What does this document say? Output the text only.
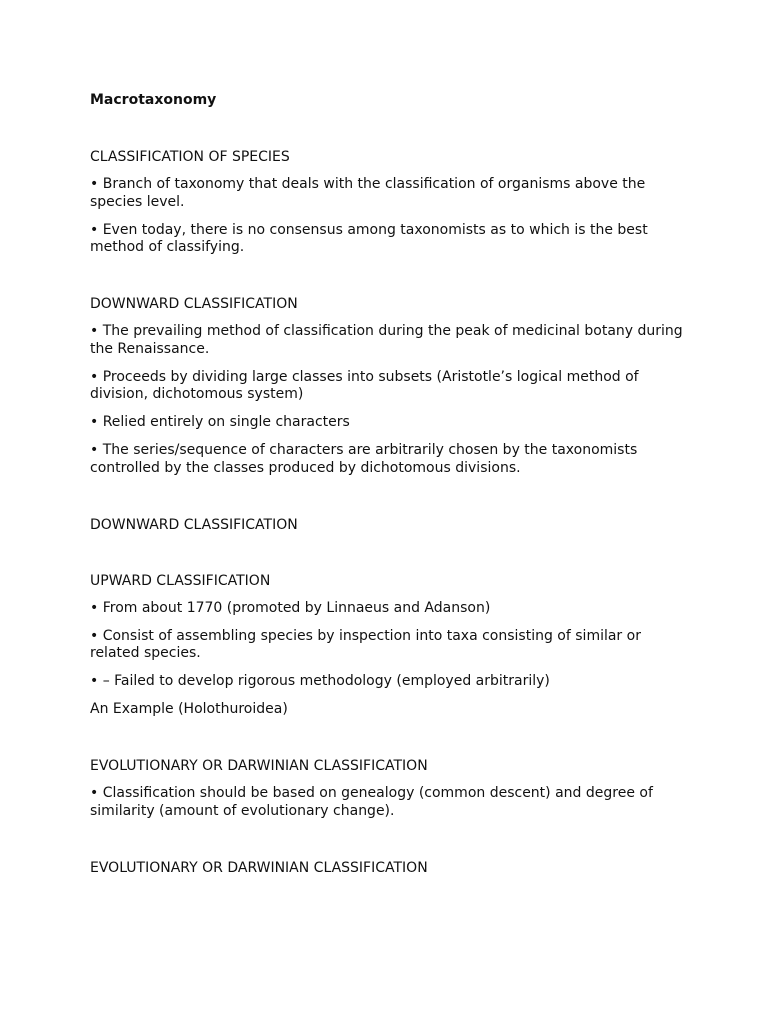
Macrotaxonomy
CLASSIFICATION OF SPECIES
• Branch of taxonomy that deals with the classification of organisms above the species level.
• Even today, there is no consensus among taxonomists as to which is the best method of classifying.
DOWNWARD CLASSIFICATION
• The prevailing method of classification during the peak of medicinal botany during the Renaissance.
• Proceeds by dividing large classes into subsets (Aristotle’s logical method of division, dichotomous system)
• Relied entirely on single characters
• The series/sequence of characters are arbitrarily chosen by the taxonomists controlled by the classes produced by dichotomous divisions.
DOWNWARD CLASSIFICATION
UPWARD CLASSIFICATION
• From about 1770 (promoted by Linnaeus and Adanson)
• Consist of assembling species by inspection into taxa consisting of similar or related species.
• – Failed to develop rigorous methodology (employed arbitrarily)
An Example (Holothuroidea)
EVOLUTIONARY OR DARWINIAN CLASSIFICATION
• Classification should be based on genealogy (common descent) and degree of similarity (amount of evolutionary change).
EVOLUTIONARY OR DARWINIAN CLASSIFICATION
